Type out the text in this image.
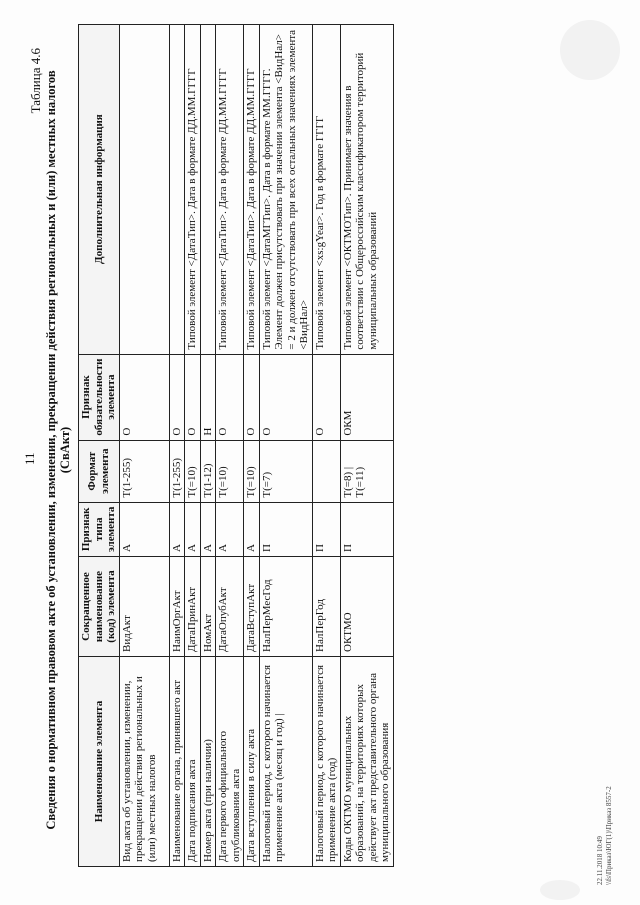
11
Таблица 4.6 Сведения о нормативном правовом акте об установлении, изменении, прекращении действия региональных и (или) местных налогов (СвАкт)
Наименование элемента	Сокращенное наименование (код) элемента	Признак типа элемента	Формат элемента	Признак обязательности элемента	Дополнительная информация
Вид акта об установлении, изменении, прекращении действия региональных и (или) местных налогов	ВидАкт	А	T(1-255)	О	
Наименование органа, принявшего акт	НаимОргАкт	А	T(1-255)	О	
Дата подписания акта	ДатаПринАкт	А	T(=10)	О	Типовой элемент <ДатаТип>. Дата в формате ДД.ММ.ГГГГ
Номер акта (при наличии)	НомАкт	А	T(1-12)	Н	
Дата первого официального опубликования акта	ДатаОпубАкт	А	T(=10)	О	Типовой элемент <ДатаТип>. Дата в формате ДД.ММ.ГГГГ
Дата вступления в силу акта	ДатаВступАкт	А	T(=10)	О	Типовой элемент <ДатаТип>. Дата в формате ДД.ММ.ГГГГ
Налоговый период, с которого начинается применение акта (месяц и год) |	НалПерМесГод	П	T(=7)	О	Типовой элемент <ДатаМГТип>. Дата в формате ММ.ГГГГ. Элемент должен присутствовать при значении элемента <ВидНал> = 2 и должен отсутствовать при всех остальных значениях элемента <ВидНал>
Налоговый период, с которого начинается применение акта (год)	НалПерГод	П		О	Типовой элемент <xs:gYear>. Год в формате ГГГГ
Коды ОКТМО муниципальных образований, на территориях которых действует акт представительного органа муниципального образования	ОКТМО	П	T(=8) | T(=11)	ОКМ	Типовой элемент <ОКТМОТип>. Принимает значения в соответствии с Общероссийским классификатором территорий муниципальных образований
22.11.2018 10:49 \\fs\Приказ\ЮГ(1)\Приказ 8557-2
